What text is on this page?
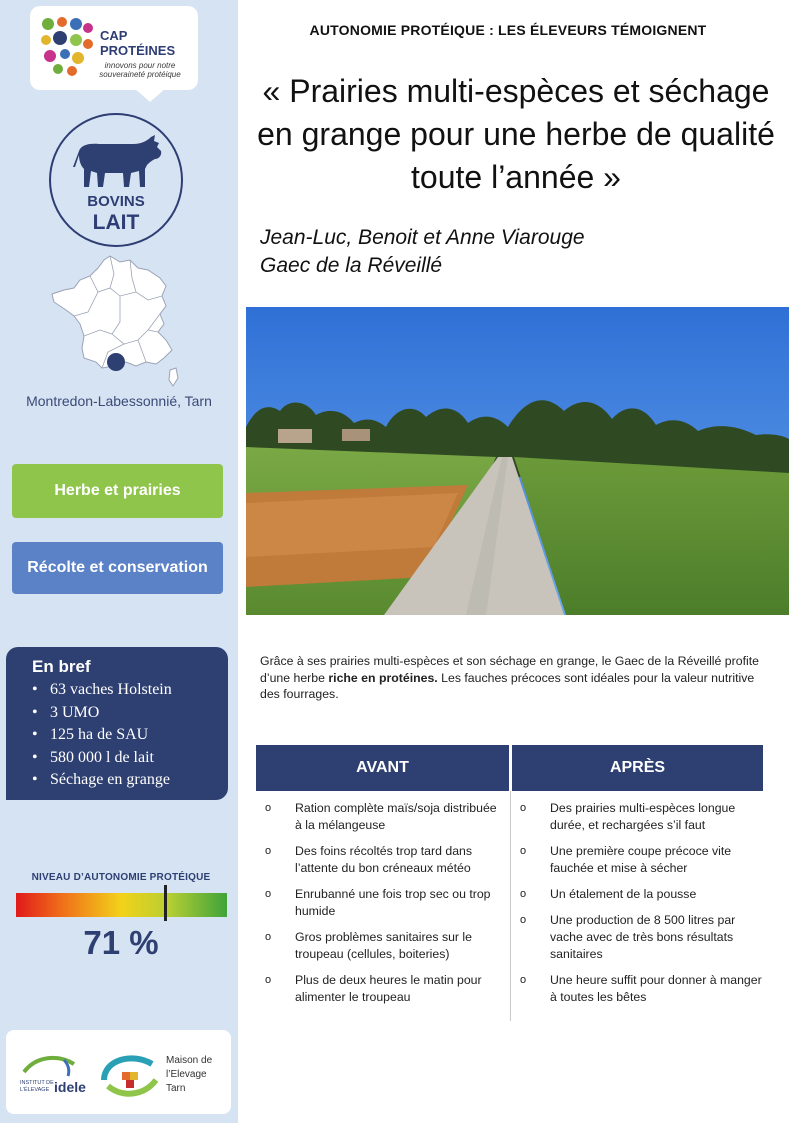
CAP
PROTÉINES
innovons pour notre souveraineté protéique
BOVINS
LAIT
Montredon-Labessonnié, Tarn
Herbe et prairies
Récolte et conservation
En bref
• 63 vaches Holstein
• 3 UMO
• 125 ha de SAU
• 580 000 l de lait
• Séchage en grange
NIVEAU D’AUTONOMIE PROTÉIQUE
71 %
INSTITUT DE
L’ÉLEVAGE idele
Maison de l’Elevage Tarn
AUTONOMIE PROTÉIQUE : LES ÉLEVEURS TÉMOIGNENT
« Prairies multi-espèces et séchage en grange pour une herbe de qualité toute l’année »
Jean-Luc, Benoit et Anne Viarouge
Gaec de la Réveillé
Grâce à ses prairies multi-espèces et son séchage en grange, le Gaec de la Réveillé profite d’une herbe riche en protéines. Les fauches précoces sont idéales pour la valeur nutritive des fourrages.
AVANT	APRÈS
o Ration complète maïs/soja distribuée à la mélangeuse
o Des foins récoltés trop tard dans l’attente du bon créneaux météo
o Enrubanné une fois trop sec ou trop humide
o Gros problèmes sanitaires sur le troupeau (cellules, boiteries)
o Plus de deux heures le matin pour alimenter le troupeau
o Des prairies multi-espèces longue durée, et rechargées s’il faut
o Une première coupe précoce vite fauchée et mise à sécher
o Un étalement de la pousse
o Une production de 8 500 litres par vache avec de très bons résultats sanitaires
o Une heure suffit pour donner à manger à toutes les bêtes
